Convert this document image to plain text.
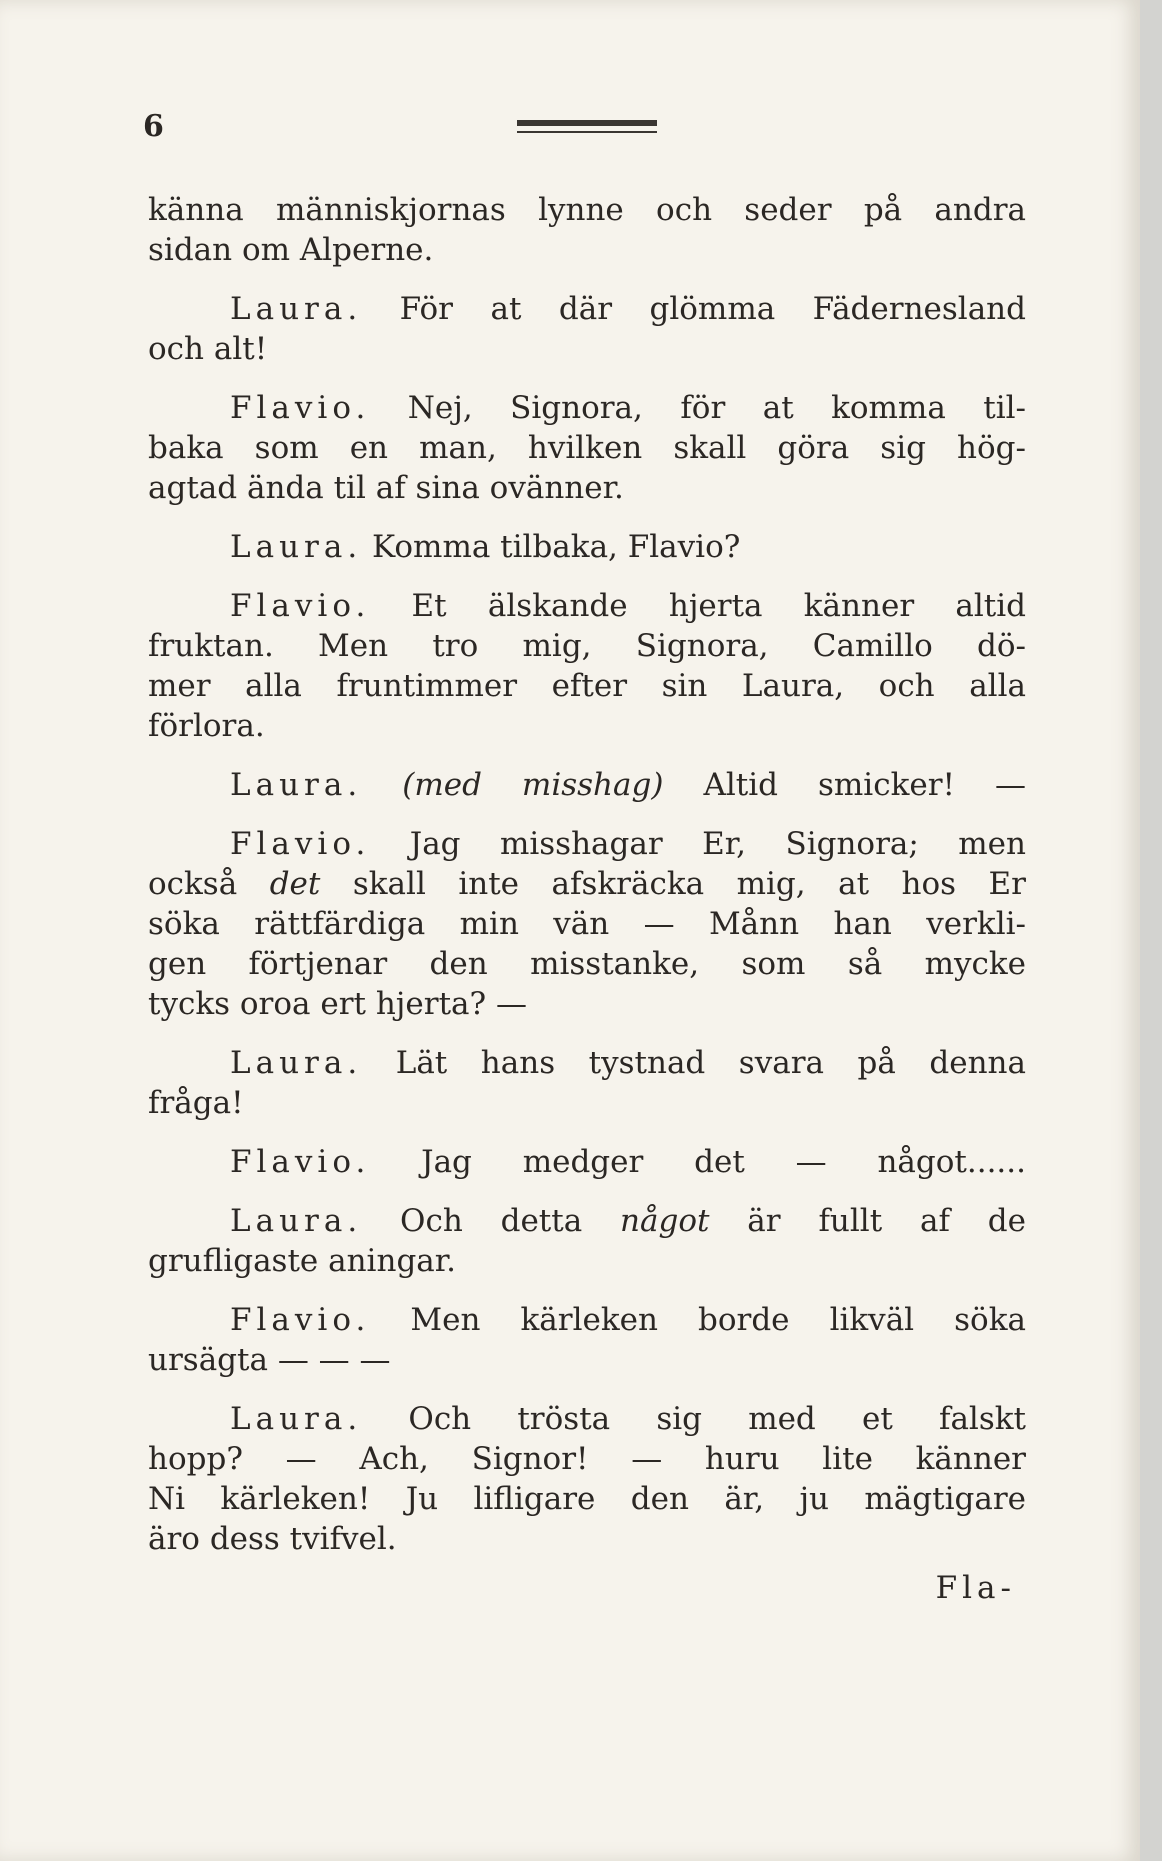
6
känna människjornas lynne och seder på andra
sidan om Alperne.
Laura. För at där glömma Fädernesland
och alt!
Flavio. Nej, Signora, för at komma til-
baka som en man, hvilken skall göra sig hög-
agtad ända til af sina ovänner.
Laura. Komma tilbaka, Flavio?
Flavio. Et älskande hjerta känner altid
fruktan. Men tro mig, Signora, Camillo dö-
mer alla fruntimmer efter sin Laura, och alla
förlora.
Laura. (med misshag) Altid smicker! —
Flavio. Jag misshagar Er, Signora; men
också det skall inte afskräcka mig, at hos Er
söka rättfärdiga min vän — Månn han verkli-
gen förtjenar den misstanke, som så mycke
tycks oroa ert hjerta? —
Laura. Lät hans tystnad svara på denna
fråga!
Flavio. Jag medger det — något......
Laura. Och detta något är fullt af de
grufligaste aningar.
Flavio. Men kärleken borde likväl söka
ursägta — — —
Laura. Och trösta sig med et falskt
hopp? — Ach, Signor! — huru lite känner
Ni kärleken! Ju lifligare den är, ju mägtigare
äro dess tvifvel.
Fla-
